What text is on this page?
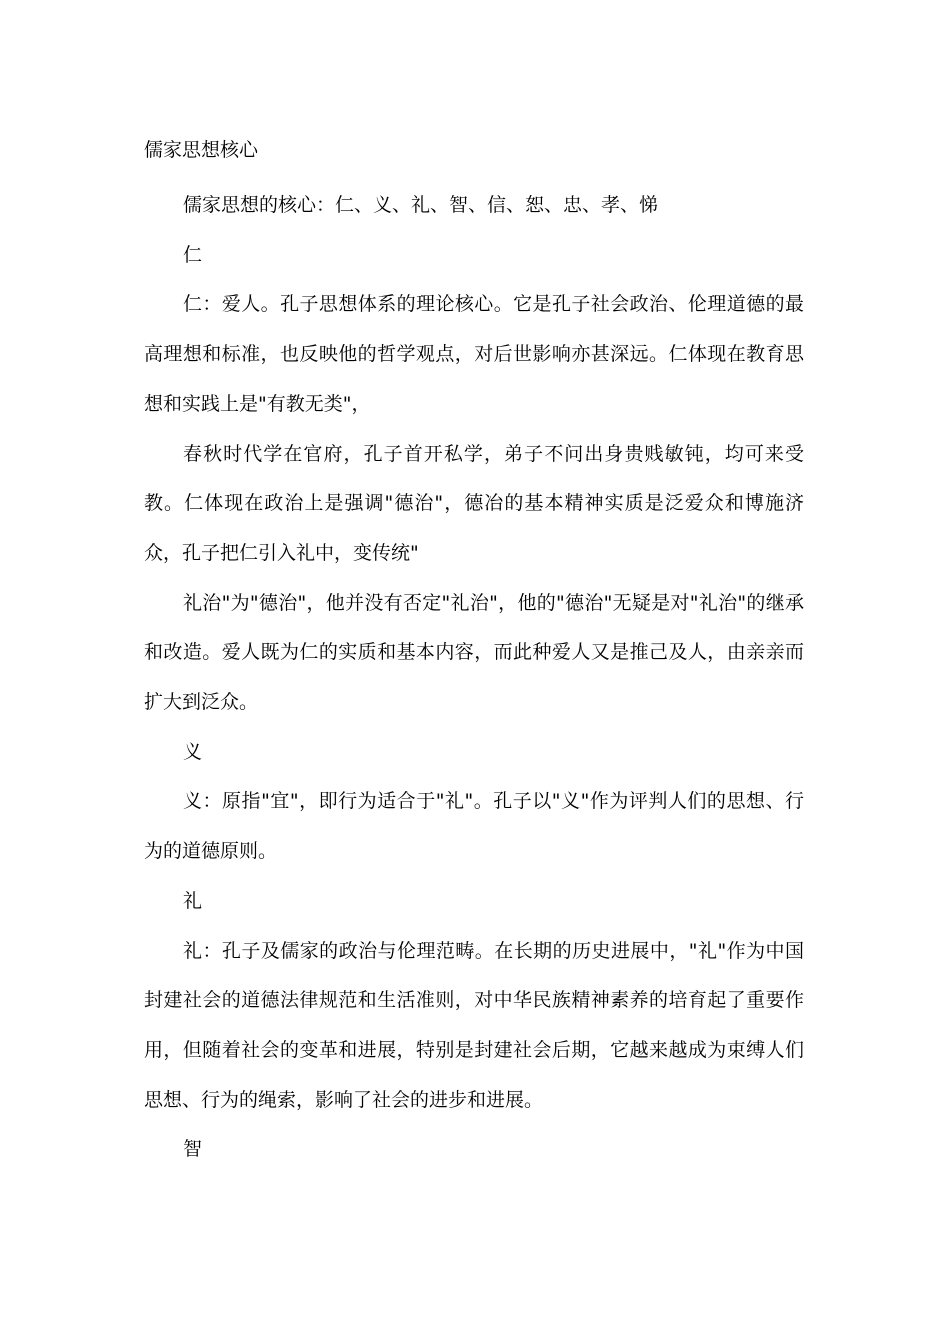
儒家思想核心

儒家思想的核心：仁、义、礼、智、信、恕、忠、孝、悌

仁

仁：爱人。孔子思想体系的理论核心。它是孔子社会政治、伦理道德的最高理想和标准，也反映他的哲学观点，对后世影响亦甚深远。仁体现在教育思想和实践上是"有教无类"，

春秋时代学在官府，孔子首开私学，弟子不问出身贵贱敏钝，均可来受教。仁体现在政治上是强调"德治"，德冶的基本精神实质是泛爱众和博施济众，孔子把仁引入礼中，变传统"

礼治"为"德治"，他并没有否定"礼治"，他的"德治"无疑是对"礼治"的继承和改造。爱人既为仁的实质和基本内容，而此种爱人又是推己及人，由亲亲而扩大到泛众。

义

义：原指"宜"，即行为适合于"礼"。孔子以"义"作为评判人们的思想、行为的道德原则。

礼

礼：孔子及儒家的政治与伦理范畴。在长期的历史进展中，"礼"作为中国封建社会的道德法律规范和生活准则，对中华民族精神素养的培育起了重要作用，但随着社会的变革和进展，特别是封建社会后期，它越来越成为束缚人们思想、行为的绳索，影响了社会的进步和进展。

智
